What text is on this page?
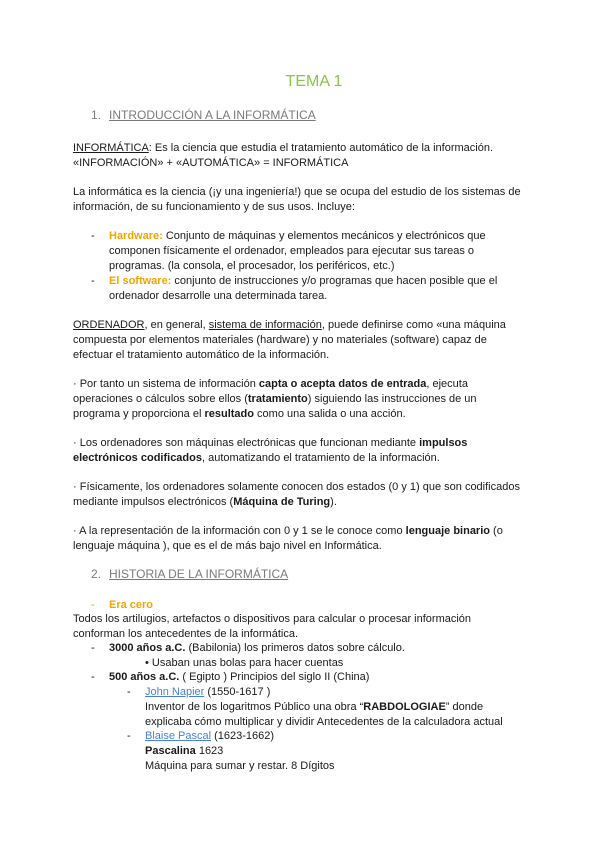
TEMA 1
1. INTRODUCCIÓN A LA INFORMÁTICA
INFORMÁTICA: Es la ciencia que estudia el tratamiento automático de la información.
«INFORMACIÓN» + «AUTOMÁTICA» = INFORMÁTICA
La informática es la ciencia (¡y una ingeniería!) que se ocupa del estudio de los sistemas de
información, de su funcionamiento y de sus usos. Incluye:
- Hardware: Conjunto de máquinas y elementos mecánicos y electrónicos que
componen físicamente el ordenador, empleados para ejecutar sus tareas o
programas. (la consola, el procesador, los periféricos, etc.)
- El software: conjunto de instrucciones y/o programas que hacen posible que el
ordenador desarrolle una determinada tarea.
ORDENADOR, en general, sistema de información, puede definirse como «una máquina
compuesta por elementos materiales (hardware) y no materiales (software) capaz de
efectuar el tratamiento automático de la información.
· Por tanto un sistema de información capta o acepta datos de entrada, ejecuta
operaciones o cálculos sobre ellos (tratamiento) siguiendo las instrucciones de un
programa y proporciona el resultado como una salida o una acción.
· Los ordenadores son máquinas electrónicas que funcionan mediante impulsos
electrónicos codificados, automatizando el tratamiento de la información.
· Físicamente, los ordenadores solamente conocen dos estados (0 y 1) que son codificados
mediante impulsos electrónicos (Máquina de Turing).
· A la representación de la información con 0 y 1 se le conoce como lenguaje binario (o
lenguaje máquina ), que es el de más bajo nivel en Informática.
2. HISTORIA DE LA INFORMÁTICA
- Era cero
Todos los artilugios, artefactos o dispositivos para calcular o procesar información
conforman los antecedentes de la informática.
- 3000 años a.C. (Babilonia) los primeros datos sobre cálculo.
• Usaban unas bolas para hacer cuentas
- 500 años a.C. ( Egipto ) Principios del siglo II (China)
- John Napier (1550-1617 )
Inventor de los logaritmos Público una obra “RABDOLOGIAE” donde
explicaba cómo multiplicar y dividir Antecedentes de la calculadora actual
- Blaise Pascal (1623-1662)
Pascalina 1623
Máquina para sumar y restar. 8 Dígitos
